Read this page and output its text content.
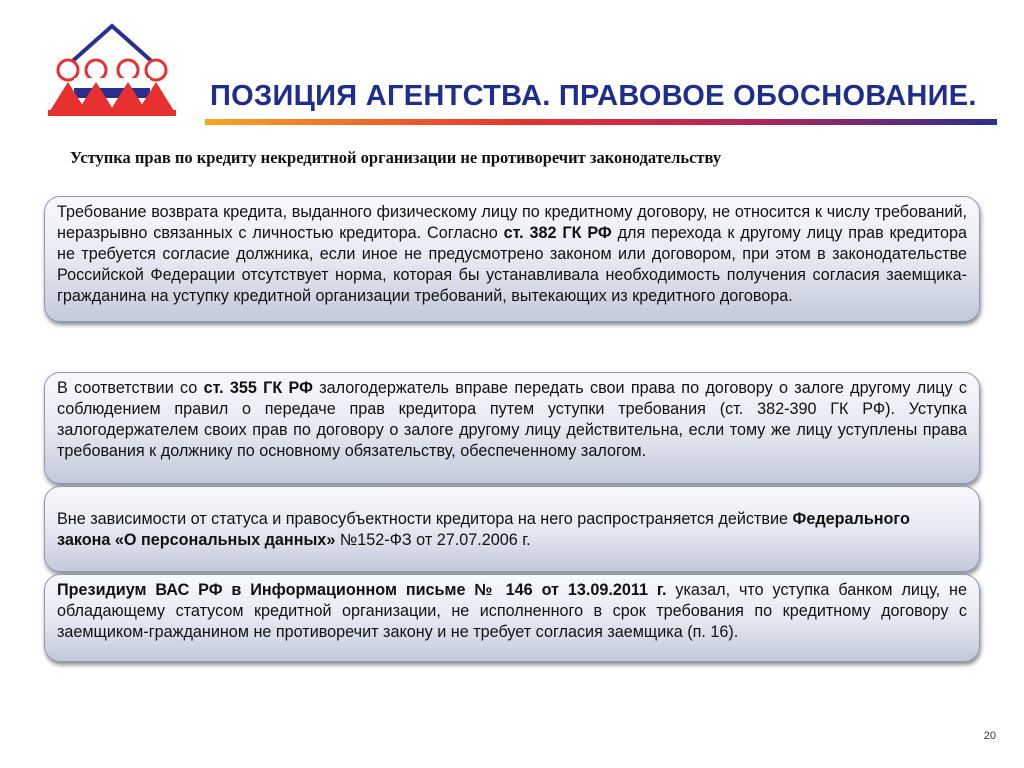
ПОЗИЦИЯ АГЕНТСТВА. ПРАВОВОЕ ОБОСНОВАНИЕ.
Уступка прав по кредиту некредитной организации не противоречит законодательству
Требование возврата кредита, выданного физическому лицу по кредитному договору, не относится к числу требований, неразрывно связанных с личностью кредитора. Согласно ст. 382 ГК РФ для перехода к другому лицу прав кредитора не требуется согласие должника, если иное не предусмотрено законом или договором, при этом в законодательстве Российской Федерации отсутствует норма, которая бы устанавливала необходимость получения согласия заемщика-гражданина на уступку кредитной организации требований, вытекающих из кредитного договора.
В соответствии со ст. 355 ГК РФ залогодержатель вправе передать свои права по договору о залоге другому лицу с соблюдением правил о передаче прав кредитора путем уступки требования (ст. 382-390 ГК РФ). Уступка залогодержателем своих прав по договору о залоге другому лицу действительна, если тому же лицу уступлены права требования к должнику по основному обязательству, обеспеченному залогом.
Вне зависимости от статуса и правосубъектности кредитора на него распространяется действие Федерального закона «О персональных данных» №152-ФЗ от 27.07.2006 г.
Президиум ВАС РФ в Информационном письме № 146 от 13.09.2011 г. указал, что уступка банком лицу, не обладающему статусом кредитной организации, не исполненного в срок требования по кредитному договору с заемщиком-гражданином не противоречит закону и не требует согласия заемщика (п. 16).
20
